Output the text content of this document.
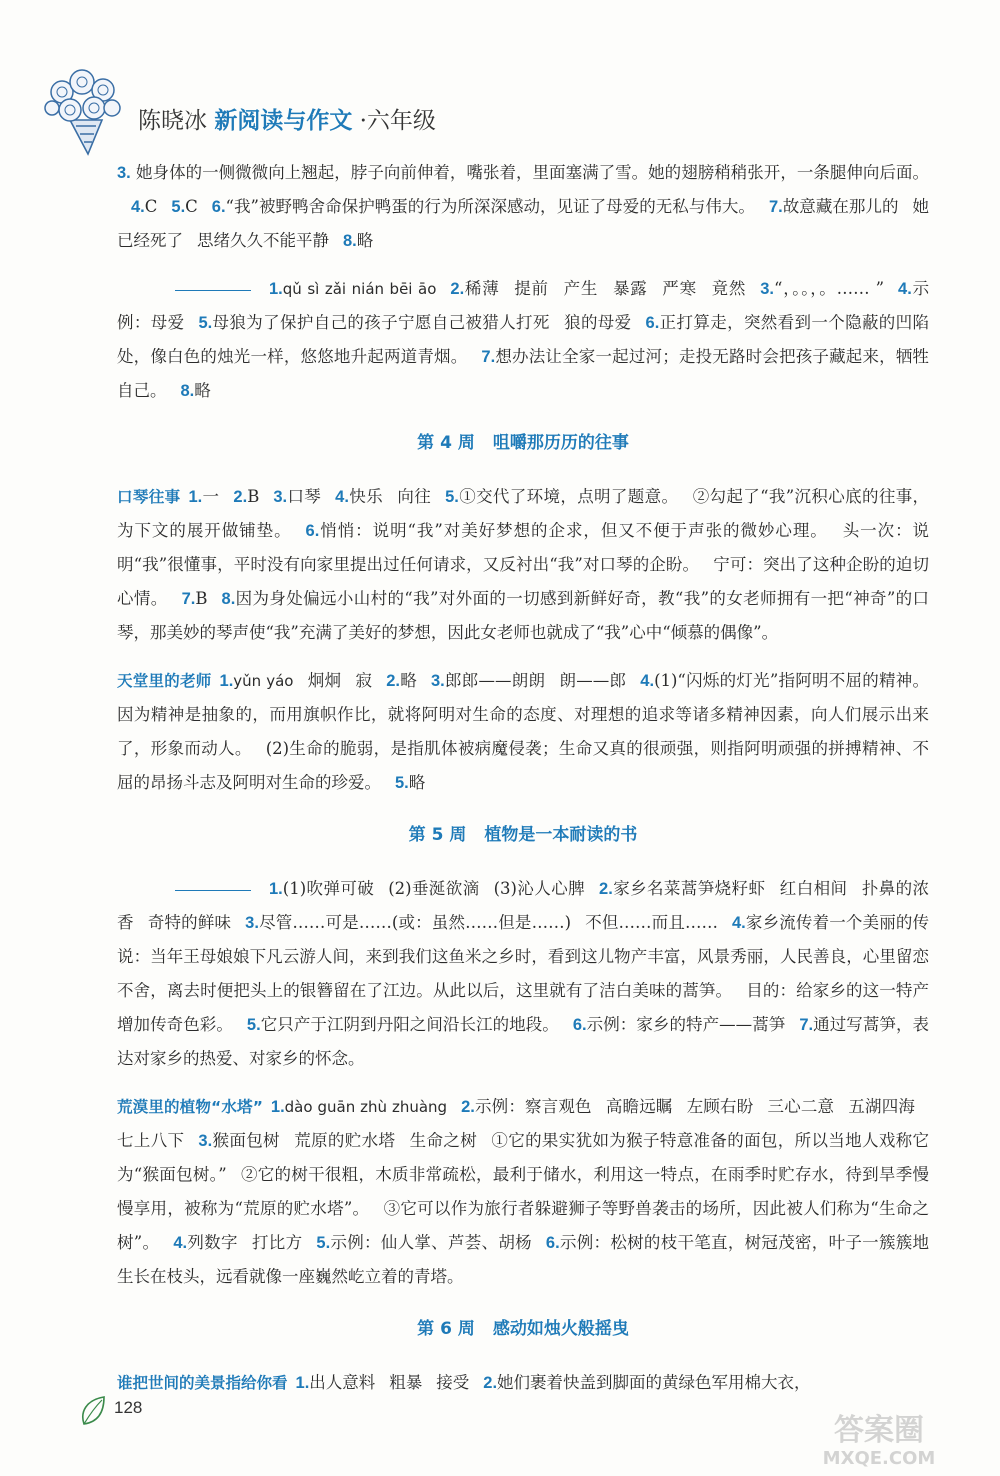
陈晓冰 新阅读与作文 ·六年级

3. 她身体的一侧微微向上翘起，脖子向前伸着，嘴张着，里面塞满了雪。她的翅膀稍稍张开，一条腿伸向后面。4.C 5.C 6.“我”被野鸭舍命保护鸭蛋的行为所深深感动，见证了母爱的无私与伟大。 7.故意藏在那儿的 她已经死了 思绪久久不能平静 8.略

1.qǔ sì zǎi nián bēi āo 2.稀薄 提前 产生 暴露 严寒 竟然 3.“，。。，。…… ” 4.示例：母爱 5.母狼为了保护自己的孩子宁愿自己被猎人打死 狼的母爱 6.正打算走，突然看到一个隐蔽的凹陷处，像白色的烛光一样，悠悠地升起两道青烟。 7.想办法让全家一起过河；走投无路时会把孩子藏起来，牺牲自己。 8.略

第 4 周 咀嚼那历历的往事

口琴往事 1.一 2.B 3.口琴 4.快乐 向往 5.①交代了环境，点明了题意。 ②勾起了“我”沉积心底的往事，为下文的展开做铺垫。 6.悄悄：说明“我”对美好梦想的企求，但又不便于声张的微妙心理。 头一次：说明“我”很懂事，平时没有向家里提出过任何请求，又反衬出“我”对口琴的企盼。 宁可：突出了这种企盼的迫切心情。 7.B 8.因为身处偏远小山村的“我”对外面的一切感到新鲜好奇，教“我”的女老师拥有一把“神奇”的口琴，那美妙的琴声使“我”充满了美好的梦想，因此女老师也就成了“我”心中“倾慕的偶像”。

天堂里的老师 1.yǔn yáo 炯炯 寂 2.略 3.郎郎——朗朗 朗——郎 4.(1)“闪烁的灯光”指阿明不屈的精神。因为精神是抽象的，而用旗帜作比，就将阿明对生命的态度、对理想的追求等诸多精神因素，向人们展示出来了，形象而动人。 (2)生命的脆弱，是指肌体被病魔侵袭；生命又真的很顽强，则指阿明顽强的拼搏精神、不屈的昂扬斗志及阿明对生命的珍爱。 5.略

第 5 周 植物是一本耐读的书

1.(1)吹弹可破 (2)垂涎欲滴 (3)沁人心脾 2.家乡名菜蒿笋烧籽虾 红白相间 扑鼻的浓香 奇特的鲜味 3.尽管……可是……(或：虽然……但是……) 不但……而且…… 4.家乡流传着一个美丽的传说：当年王母娘娘下凡云游人间，来到我们这鱼米之乡时，看到这儿物产丰富，风景秀丽，人民善良，心里留恋不舍，离去时便把头上的银簪留在了江边。从此以后，这里就有了洁白美味的蒿笋。 目的：给家乡的这一特产增加传奇色彩。 5.它只产于江阴到丹阳之间沿长江的地段。 6.示例：家乡的特产——蒿笋 7.通过写蒿笋，表达对家乡的热爱、对家乡的怀念。

荒漠里的植物“水塔” 1.dào guān zhù zhuàng 2.示例：察言观色 高瞻远瞩 左顾右盼 三心二意 五湖四海七上八下 3.猴面包树 荒原的贮水塔 生命之树 ①它的果实犹如为猴子特意准备的面包，所以当地人戏称它为“猴面包树。” ②它的树干很粗，木质非常疏松，最利于储水，利用这一特点，在雨季时贮存水，待到旱季慢慢享用，被称为“荒原的贮水塔”。 ③它可以作为旅行者躲避狮子等野兽袭击的场所，因此被人们称为“生命之树”。 4.列数字 打比方 5.示例：仙人掌、芦荟、胡杨 6.示例：松树的枝干笔直，树冠茂密，叶子一簇簇地生长在枝头，远看就像一座巍然屹立着的青塔。

第 6 周 感动如烛火般摇曳

谁把世间的美景指给你看 1.出人意料 粗暴 接受 2.她们裹着快盖到脚面的黄绿色军用棉大衣，

128
答案圈
MXQE.COM
